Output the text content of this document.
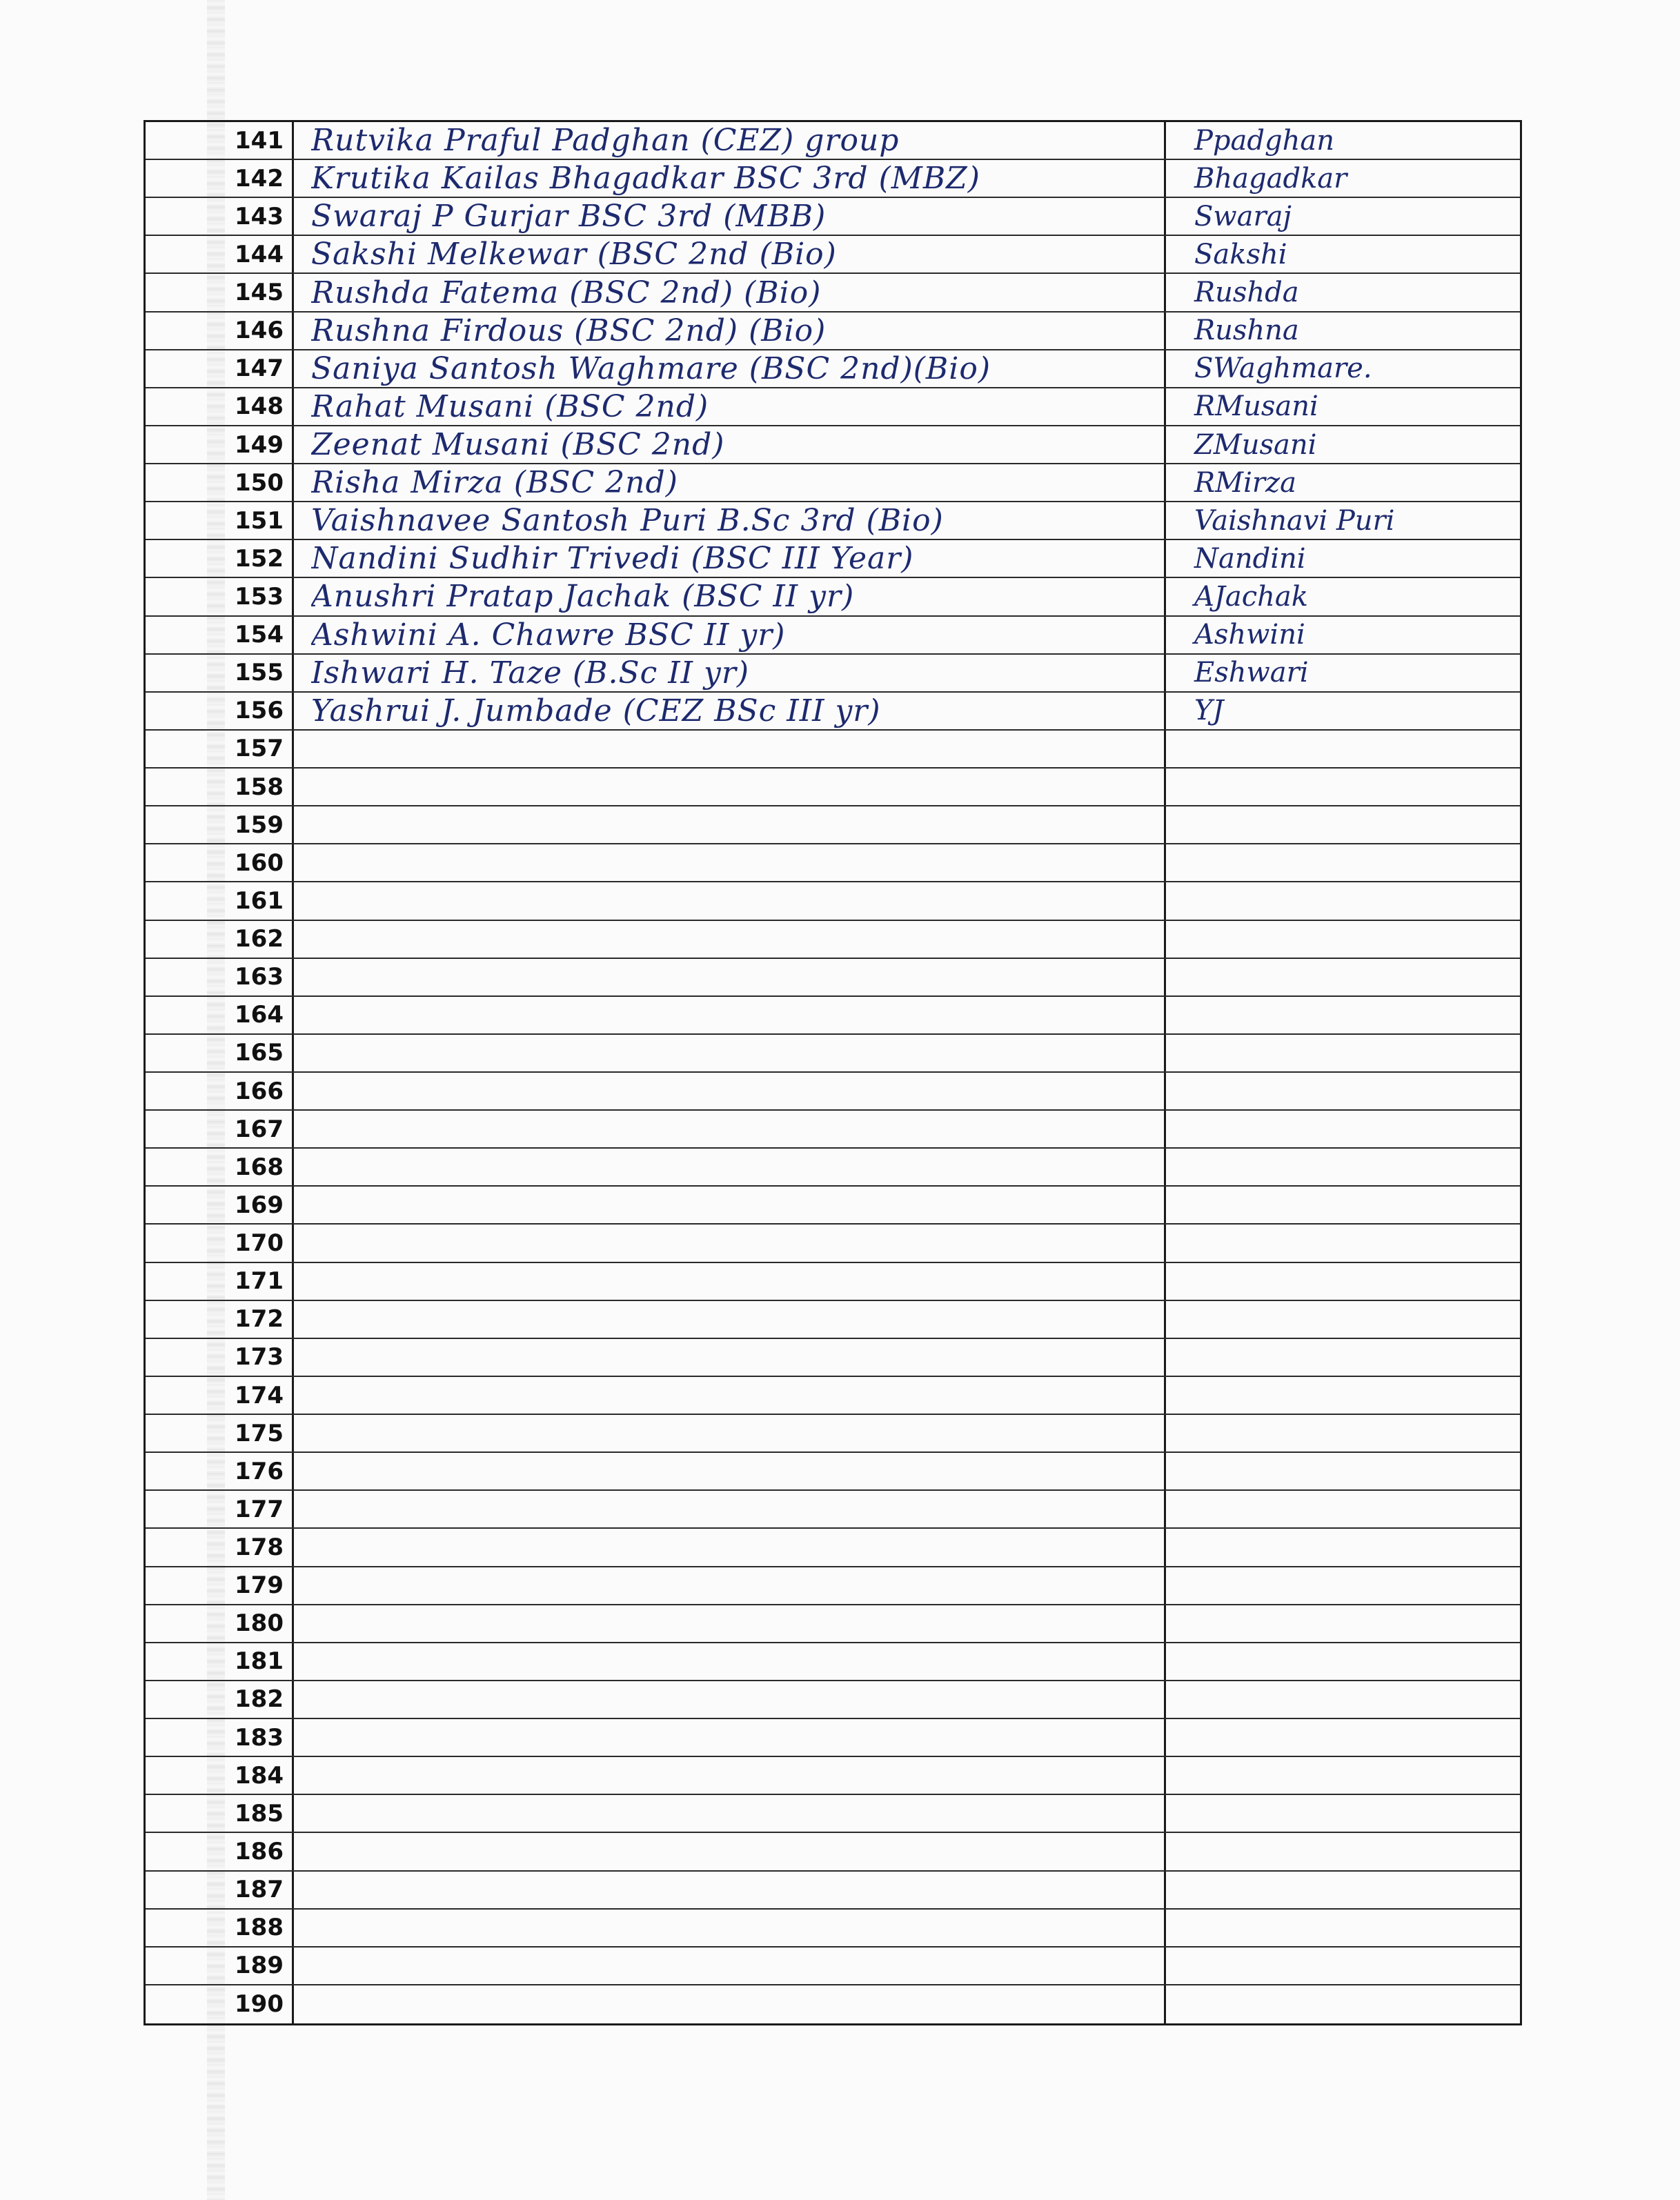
141 Rutvika Praful Padghan (CEZ) group	Ppadghan
142 Krutika Kailas Bhagadkar BSC 3rd (MBZ)	Bhagadkar
143 Swaraj P Gurjar BSC 3rd (MBB)	Swaraj
144 Sakshi Melkewar (BSC 2nd (Bio)	Sakshi
145 Rushda Fatema (BSC 2nd) (Bio)	Rushda
146 Rushna Firdous (BSC 2nd) (Bio)	Rushna
147 Saniya Santosh Waghmare (BSC 2nd)(Bio)	SWaghmare.
148 Rahat Musani (BSC 2nd)	RMusani
149 Zeenat Musani (BSC 2nd)	ZMusani
150 Risha Mirza (BSC 2nd)	RMirza
151 Vaishnavee Santosh Puri B.Sc 3rd (Bio)	Vaishnavi Puri
152 Nandini Sudhir Trivedi (BSC III Year)	Nandini
153 Anushri Pratap Jachak (BSC II yr)	AJachak
154 Ashwini A. Chawre BSC II yr)	Ashwini
155 Ishwari H. Taze (B.Sc II yr)	Eshwari
156 Yashrui J. Jumbade (CEZ BSc III yr)	YJ
157
158
159
160
161
162
163
164
165
166
167
168
169
170
171
172
173
174
175
176
177
178
179
180
181
182
183
184
185
186
187
188
189
190
